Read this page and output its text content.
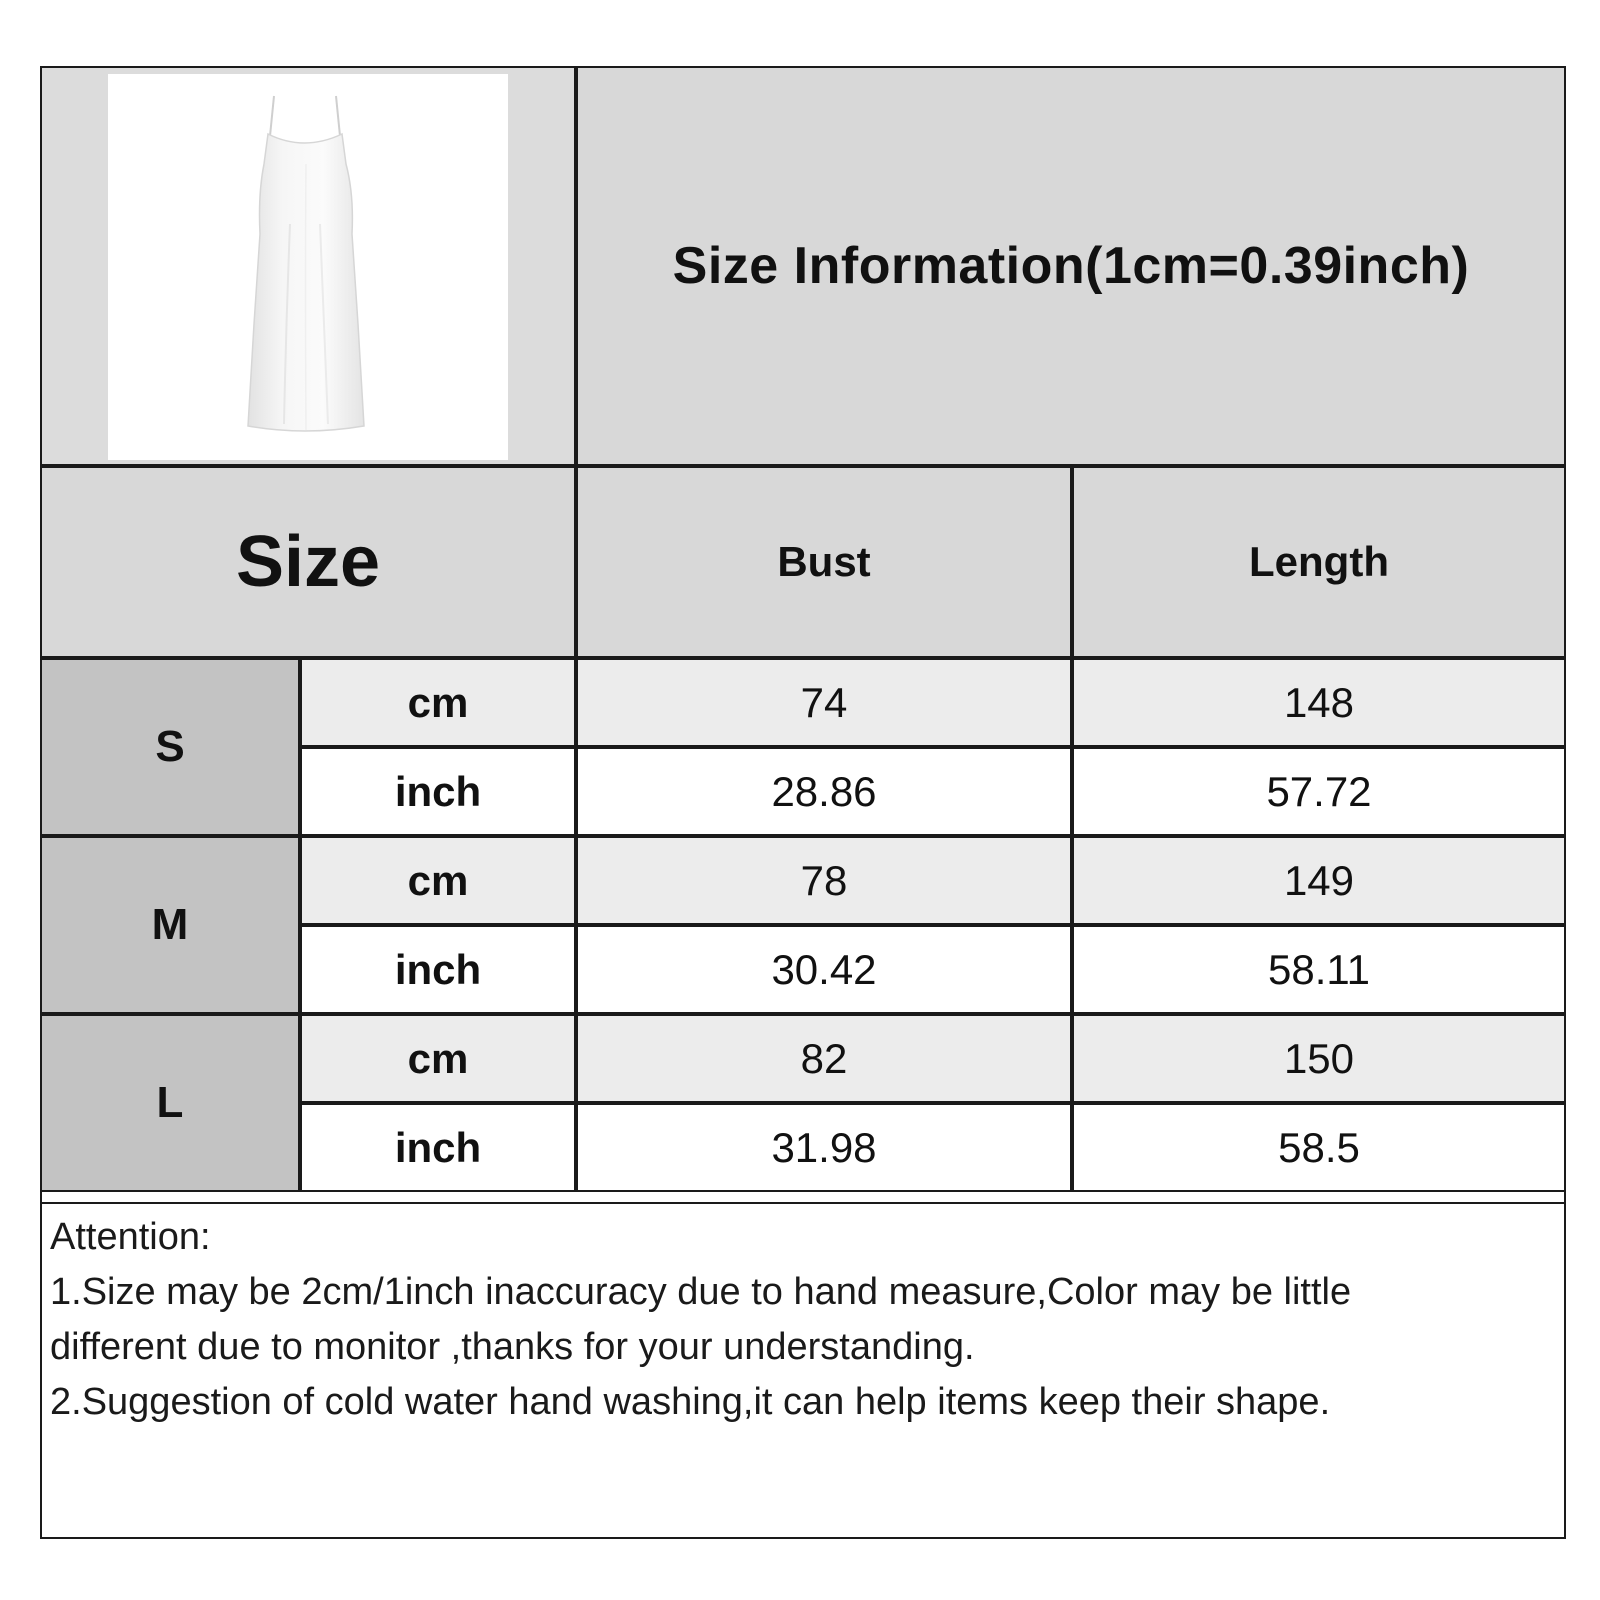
Size Information(1cm=0.39inch)
Size	Bust	Length
S
cm	74	148
inch	28.86	57.72
M
cm	78	149
inch	30.42	58.11
L
cm	82	150
inch	31.98	58.5
Attention:
1.Size may be 2cm/1inch inaccuracy due to hand measure,Color may be little
different due to monitor ,thanks for your understanding.
2.Suggestion of cold water hand washing,it can help items keep their shape.
